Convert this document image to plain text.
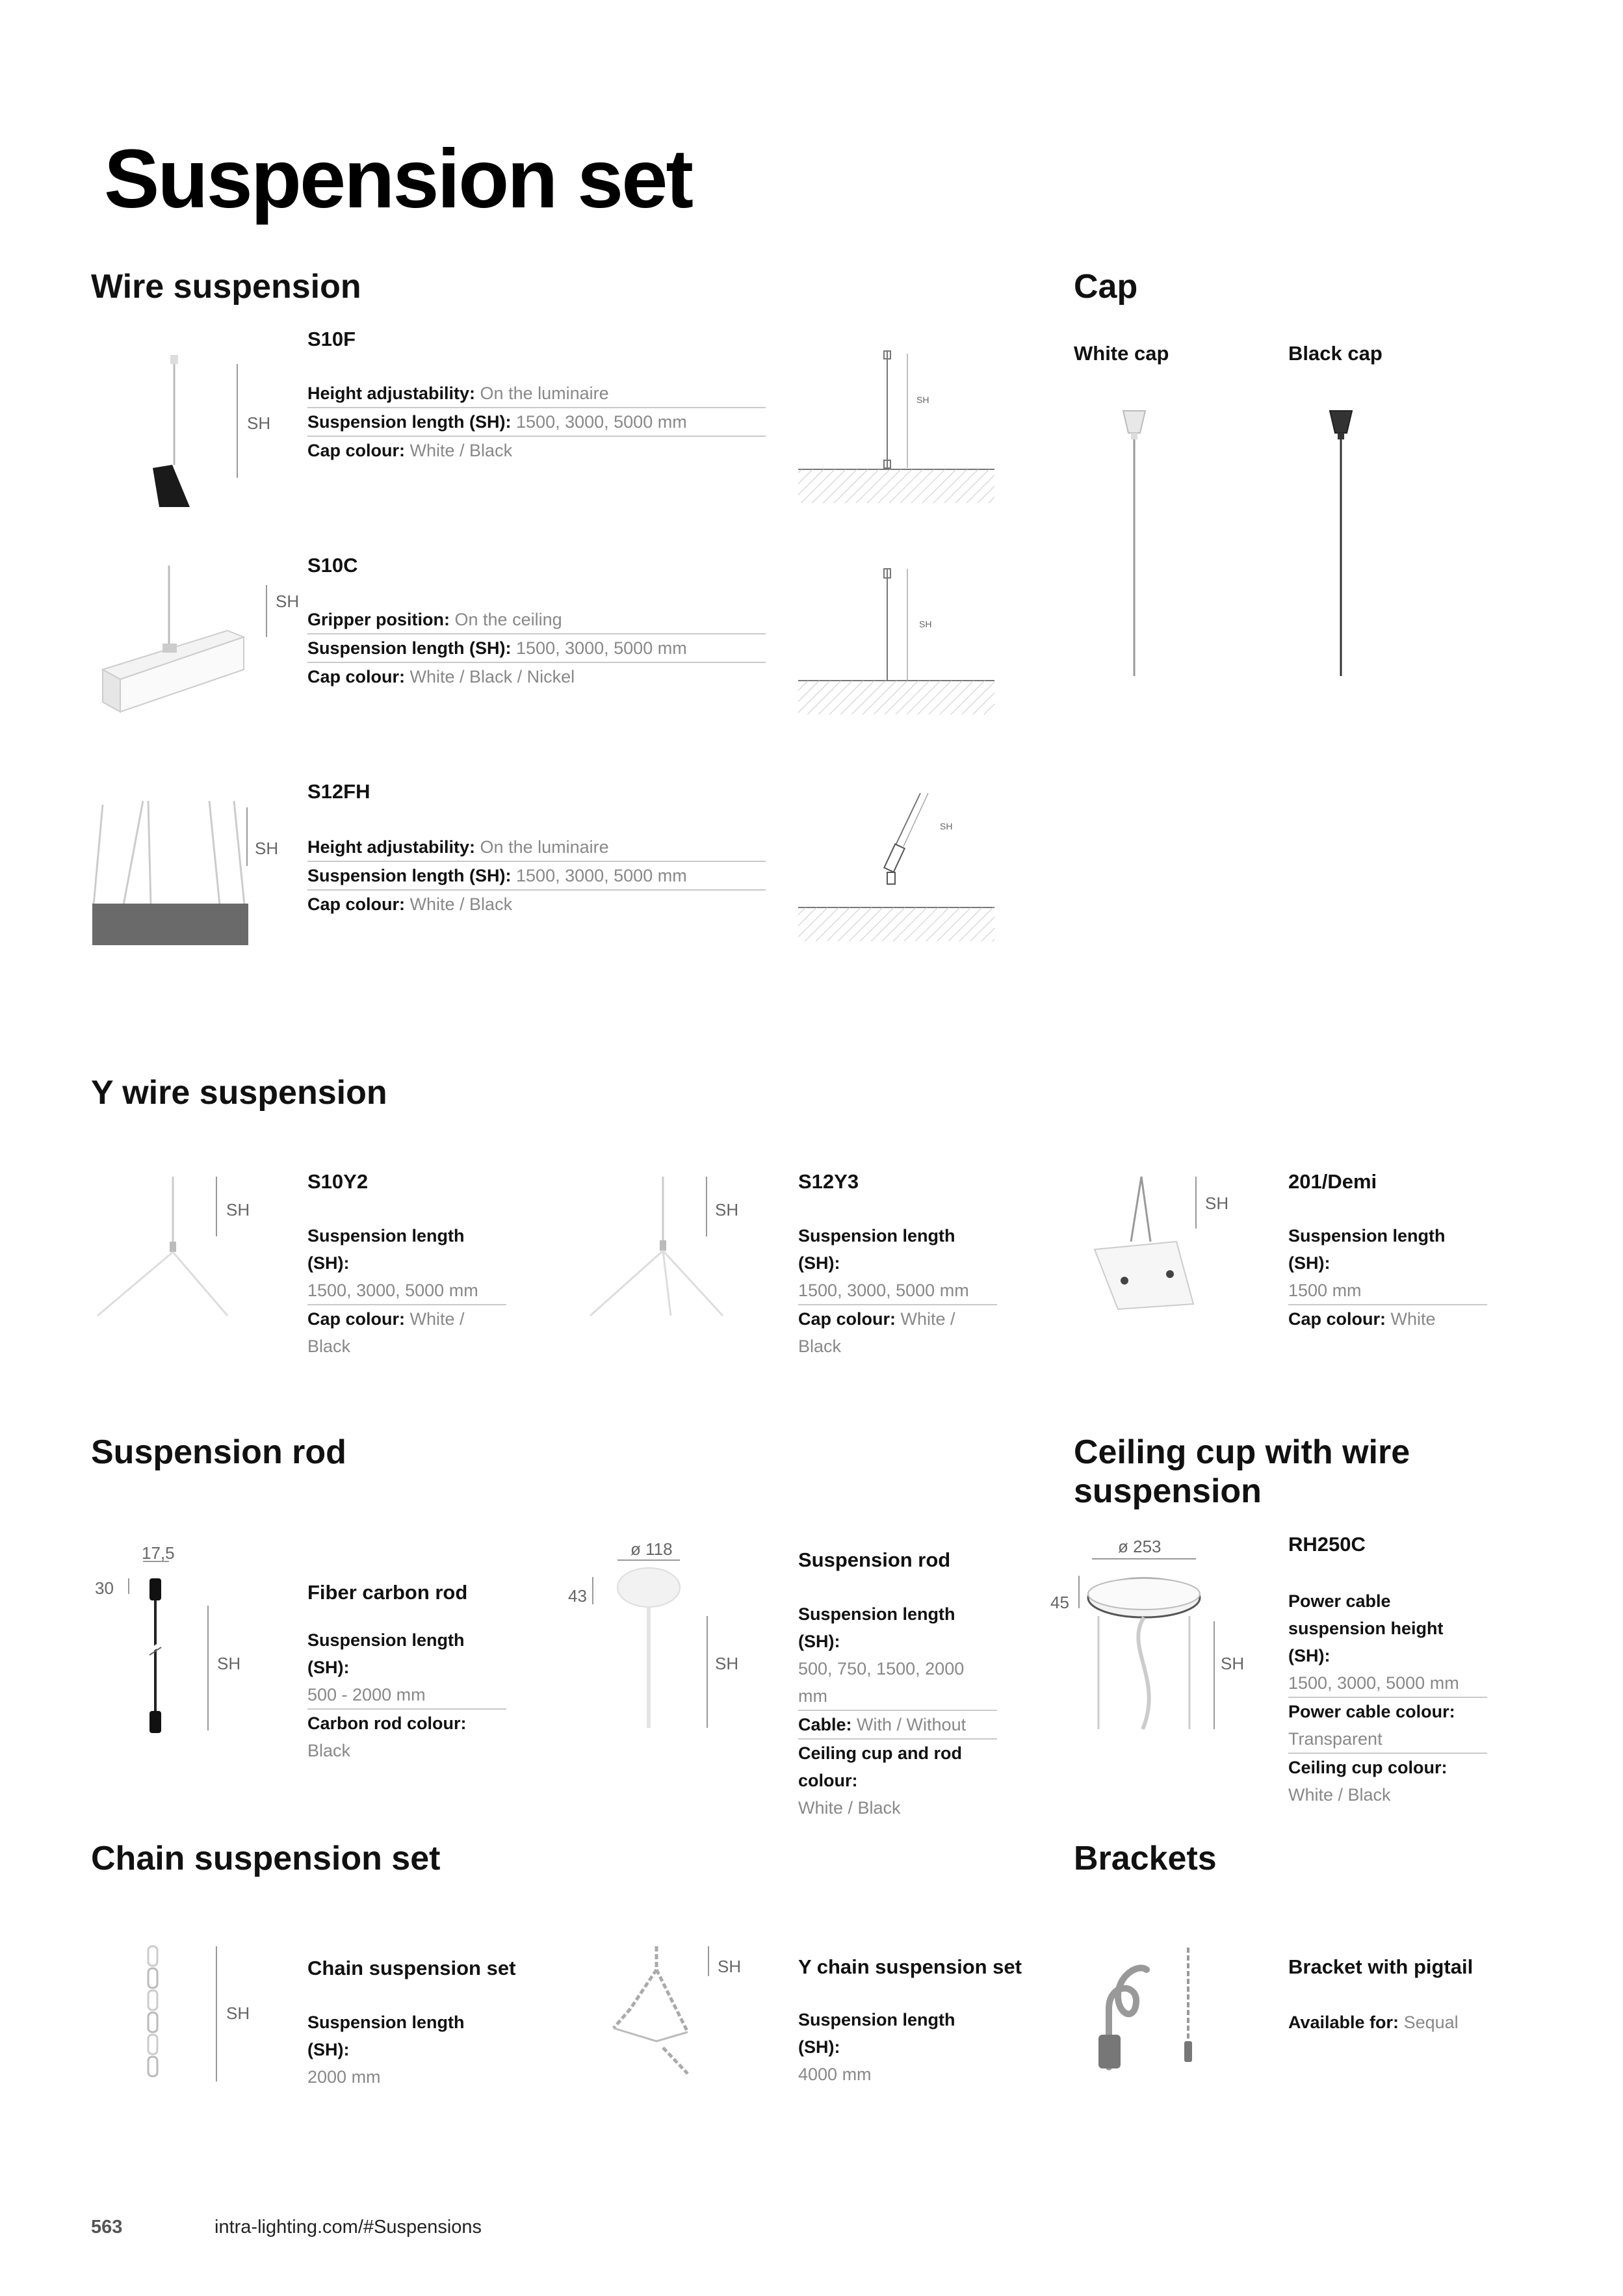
Suspension set
Wire suspension	Cap
SH
S10F
Height adjustability: On the luminaire
Suspension length (SH): 1500, 3000, 5000 mm
Cap colour: White / Black
SH
SH
S10C
Gripper position: On the ceiling
Suspension length (SH): 1500, 3000, 5000 mm
Cap colour: White / Black / Nickel
SH
SH
S12FH
Height adjustability: On the luminaire
Suspension length (SH): 1500, 3000, 5000 mm
Cap colour: White / Black
SH
White cap	Black cap
Y wire suspension
SH
S10Y2
Suspension length (SH):
1500, 3000, 5000 mm
Cap colour: White / Black
SH
S12Y3
Suspension length (SH):
1500, 3000, 5000 mm
Cap colour: White / Black
SH
201/Demi
Suspension length (SH):
1500 mm
Cap colour: White
Suspension rod	Ceiling cup with wire suspension
17,5
30
SH
Fiber carbon rod
Suspension length (SH):
500 - 2000 mm
Carbon rod colour: Black
ø 118
43
SH
Suspension rod
Suspension length (SH):
500, 750, 1500, 2000 mm
Cable: With / Without
Ceiling cup and rod colour:
White / Black
ø 253
45
SH
RH250C
Power cable suspension height (SH):
1500, 3000, 5000 mm
Power cable colour:
Transparent
Ceiling cup colour:
White / Black
Chain suspension set	Brackets
SH
Chain suspension set
Suspension length (SH):
2000 mm
SH	Y chain suspension set
Suspension length (SH):
4000 mm
Bracket with pigtail
Available for: Sequal
563	intra-lighting.com/#Suspensions
